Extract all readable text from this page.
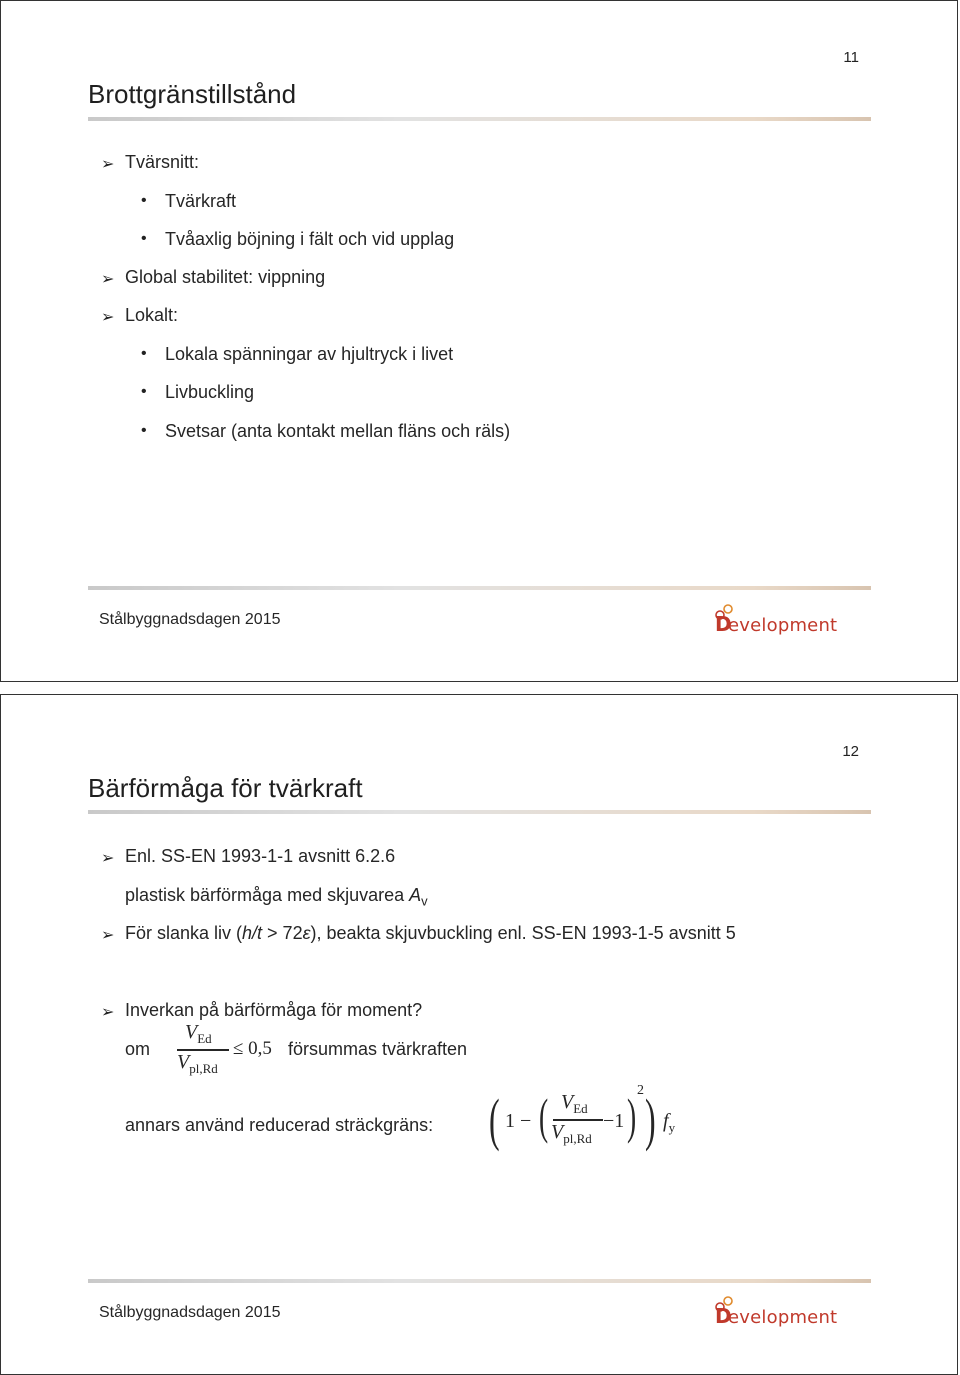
11
Brottgränstillstånd
➢ Tvärsnitt:
• Tvärkraft
• Tvåaxlig böjning i fält och vid upplag
➢ Global stabilitet: vippning
➢ Lokalt:
• Lokala spänningar av hjultryck i livet
• Livbuckling
• Svetsar (anta kontakt mellan fläns och räls)
Stålbyggnadsdagen 2015	D
evelopment
12
Bärförmåga för tvärkraft
➢ Enl. SS-EN 1993-1-1 avsnitt 6.2.6
plastisk bärförmåga med skjuvarea $A_v$
➢ För slanka liv (h/t > 72ε), beakta skjuvbuckling enl. SS-EN 1993-1-5 avsnitt 5
➢ Inverkan på bärförmåga för moment?
om
$V_{Ed}$
$V_{pl,Rd}$
≤ 0,5 försummas tvärkraften
annars använd reducerad sträckgräns: ( 1 − ( $V_{Ed}$
$V_{pl,Rd}$
−1 ) 2 ) $f_y$
Stålbyggnadsdagen 2015	D
evelopment
